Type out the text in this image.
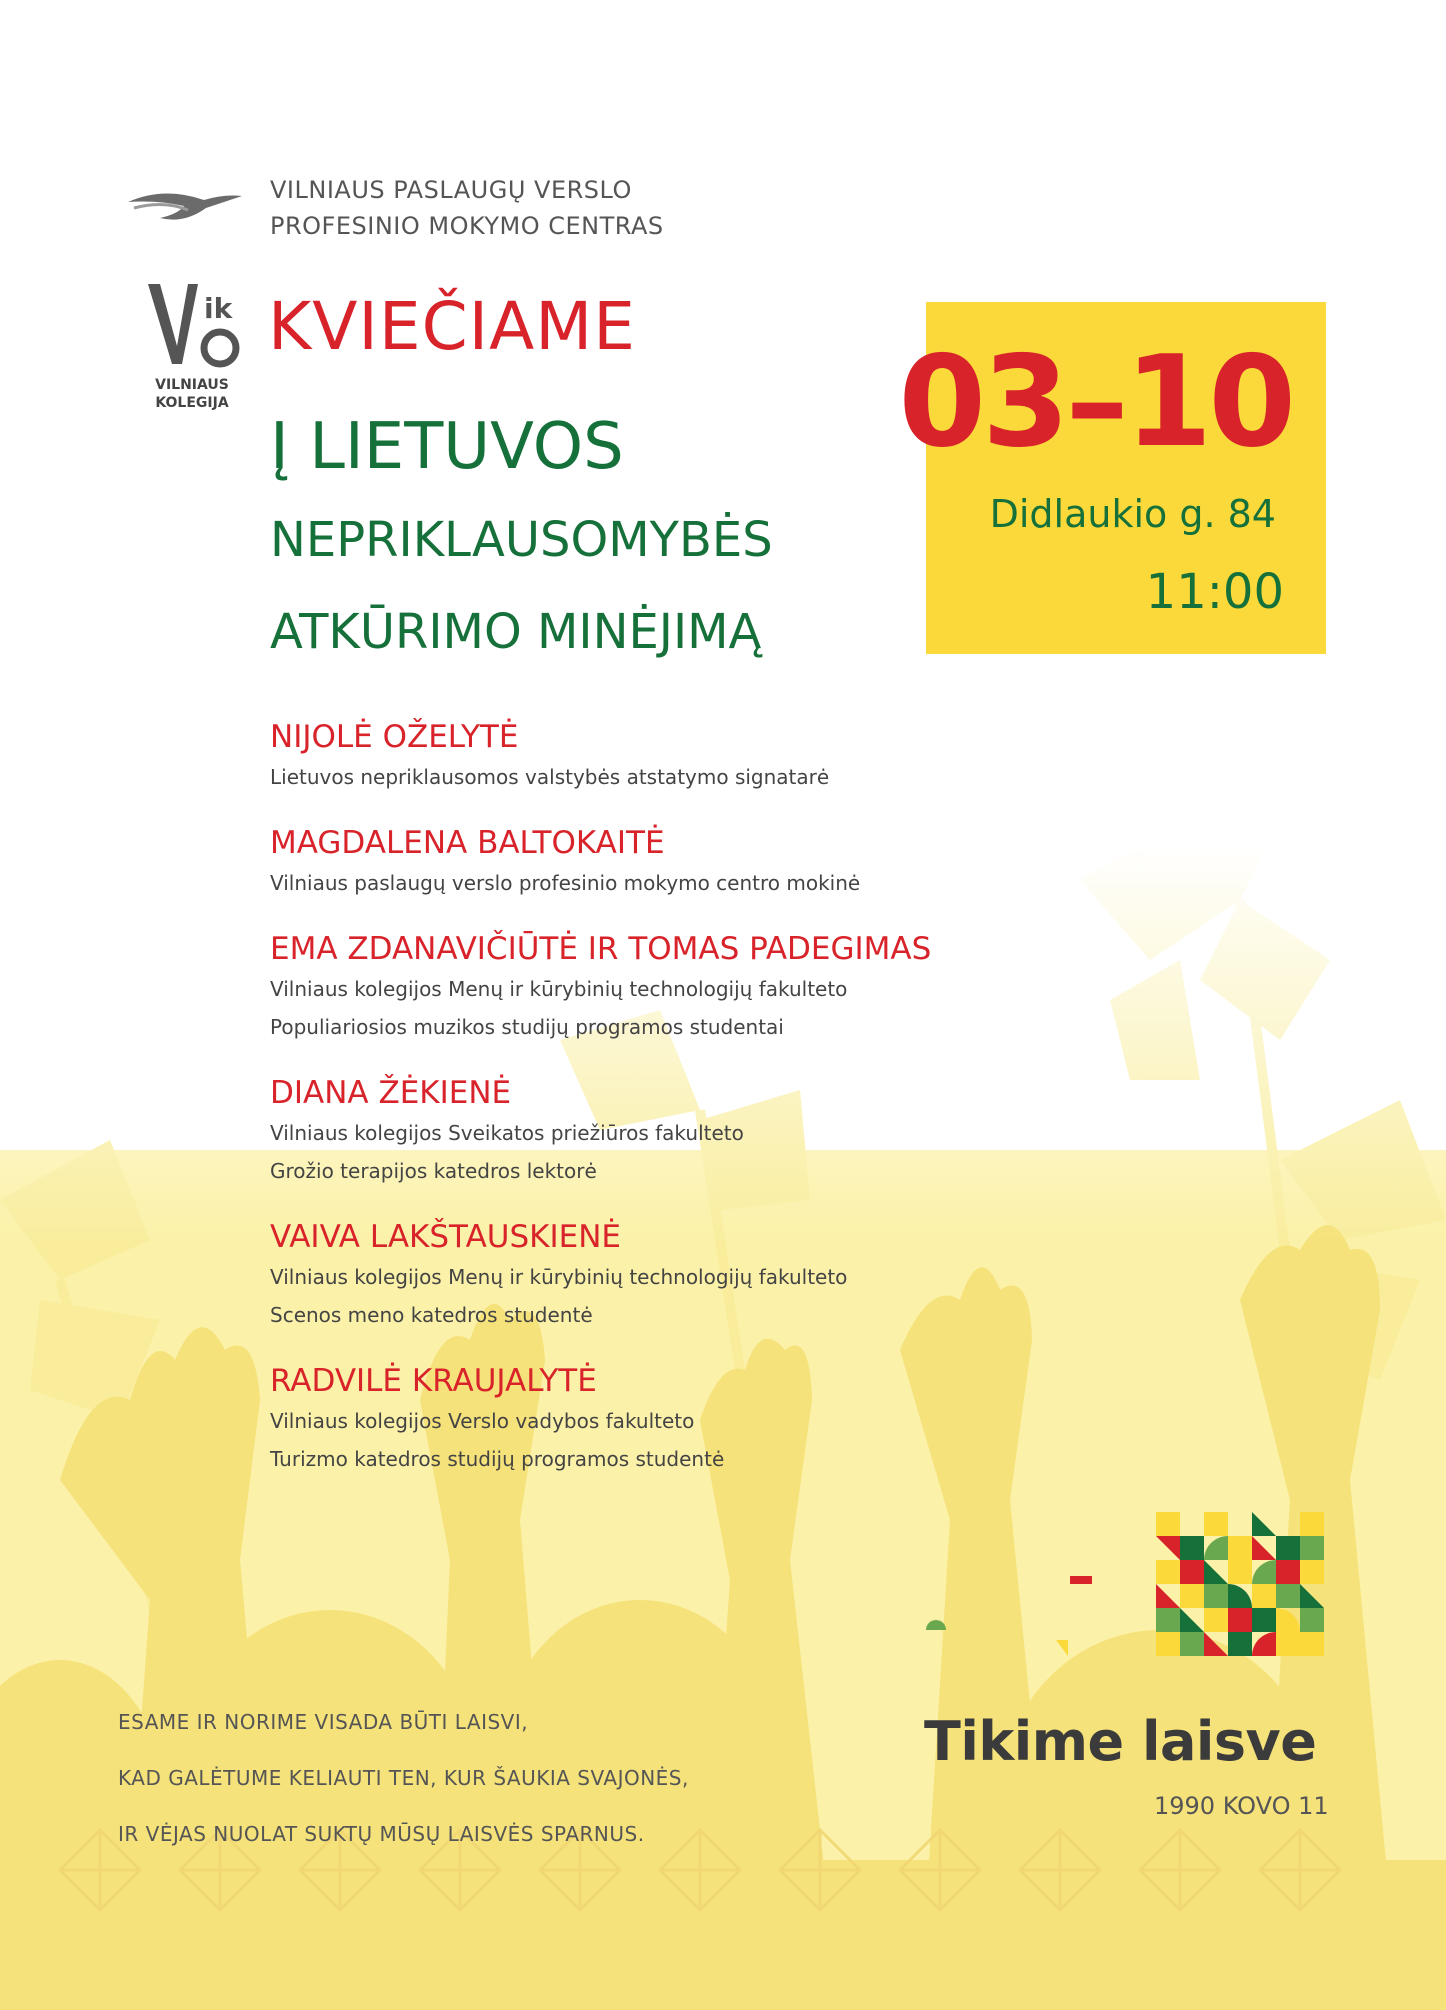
VILNIAUS PASLAUGŲ VERSLO
PROFESINIO MOKYMO CENTRAS
ik
VILNIAUS
KOLEGIJA
KVIEČIAME
Į LIETUVOS
NEPRIKLAUSOMYBĖS
ATKŪRIMO MINĖJIMĄ
03–10
Didlaukio g. 84
11:00
NIJOLĖ OŽELYTĖ
Lietuvos nepriklausomos valstybės atstatymo signatarė
MAGDALENA BALTOKAITĖ
Vilniaus paslaugų verslo profesinio mokymo centro mokinė
EMA ZDANAVIČIŪTĖ IR TOMAS PADEGIMAS
Vilniaus kolegijos Menų ir kūrybinių technologijų fakulteto
Populiariosios muzikos studijų programos studentai
DIANA ŽĖKIENĖ
Vilniaus kolegijos Sveikatos priežiūros fakulteto
Grožio terapijos katedros lektorė
VAIVA LAKŠTAUSKIENĖ
Vilniaus kolegijos Menų ir kūrybinių technologijų fakulteto
Scenos meno katedros studentė
RADVILĖ KRAUJALYTĖ
Vilniaus kolegijos Verslo vadybos fakulteto
Turizmo katedros studijų programos studentė
ESAME IR NORIME VISADA BŪTI LAISVI,
KAD GALĖTUME KELIAUTI TEN, KUR ŠAUKIA SVAJONĖS,
IR VĖJAS NUOLAT SUKTŲ MŪSŲ LAISVĖS SPARNUS.
Tikime laisve
1990 KOVO 11
